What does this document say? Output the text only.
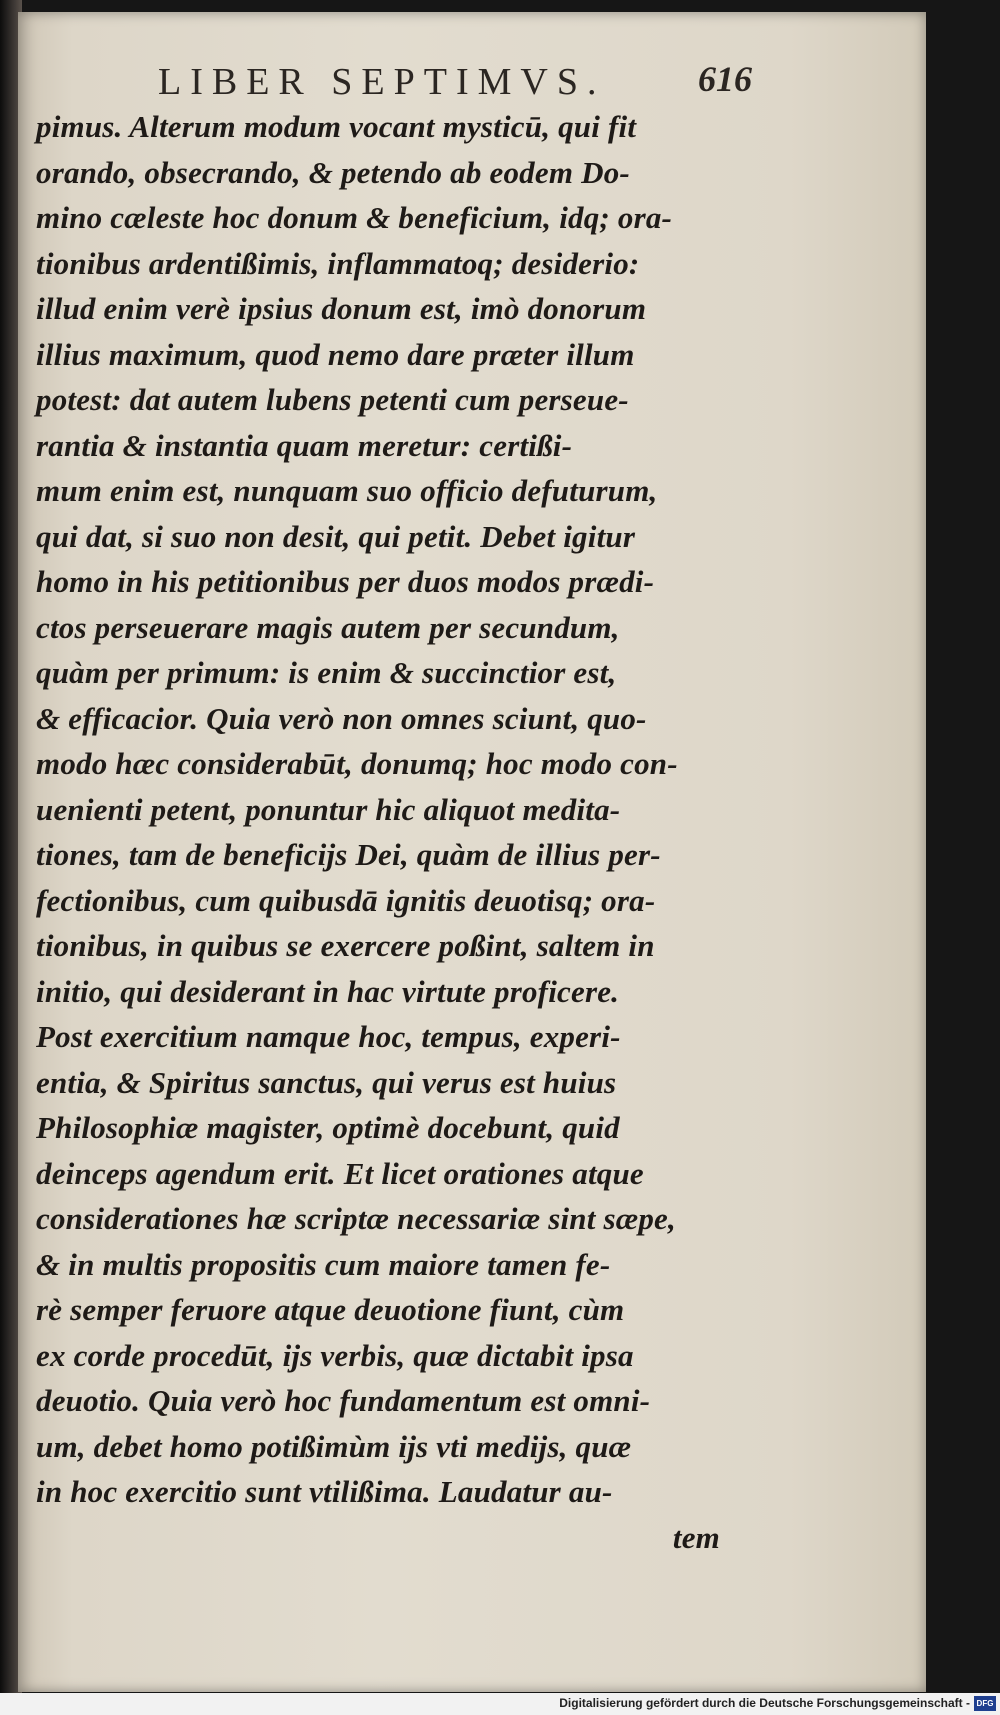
LIBER SEPTIMVS.	616
pimus. Alterum modum vocant mysticū, qui fit
orando, obsecrando, & petendo ab eodem Do-
mino cæleste hoc donum & beneficium, idq; ora-
tionibus ardentißimis, inflammatoq; desiderio:
illud enim verè ipsius donum est, imò donorum
illius maximum, quod nemo dare præter illum
potest: dat autem lubens petenti cum perseue-
rantia & instantia quam meretur: certißi-
mum enim est, nunquam suo officio defuturum,
qui dat, si suo non desit, qui petit. Debet igitur
homo in his petitionibus per duos modos prædi-
ctos perseuerare magis autem per secundum,
quàm per primum: is enim & succinctior est,
& efficacior. Quia verò non omnes sciunt, quo-
modo hæc considerabūt, donumq; hoc modo con-
uenienti petent, ponuntur hic aliquot medita-
tiones, tam de beneficijs Dei, quàm de illius per-
fectionibus, cum quibusdā ignitis deuotisq; ora-
tionibus, in quibus se exercere poßint, saltem in
initio, qui desiderant in hac virtute proficere.
Post exercitium namque hoc, tempus, experi-
entia, & Spiritus sanctus, qui verus est huius
Philosophiæ magister, optimè docebunt, quid
deinceps agendum erit. Et licet orationes atque
considerationes hæ scriptæ necessariæ sint sæpe,
& in multis propositis cum maiore tamen fe-
rè semper feruore atque deuotione fiunt, cùm
ex corde procedūt, ijs verbis, quæ dictabit ipsa
deuotio. Quia verò hoc fundamentum est omni-
um, debet homo potißimùm ijs vti medijs, quæ
in hoc exercitio sunt vtilißima. Laudatur au-
tem
Digitalisierung gefördert durch die Deutsche Forschungsgemeinschaft - DFG
